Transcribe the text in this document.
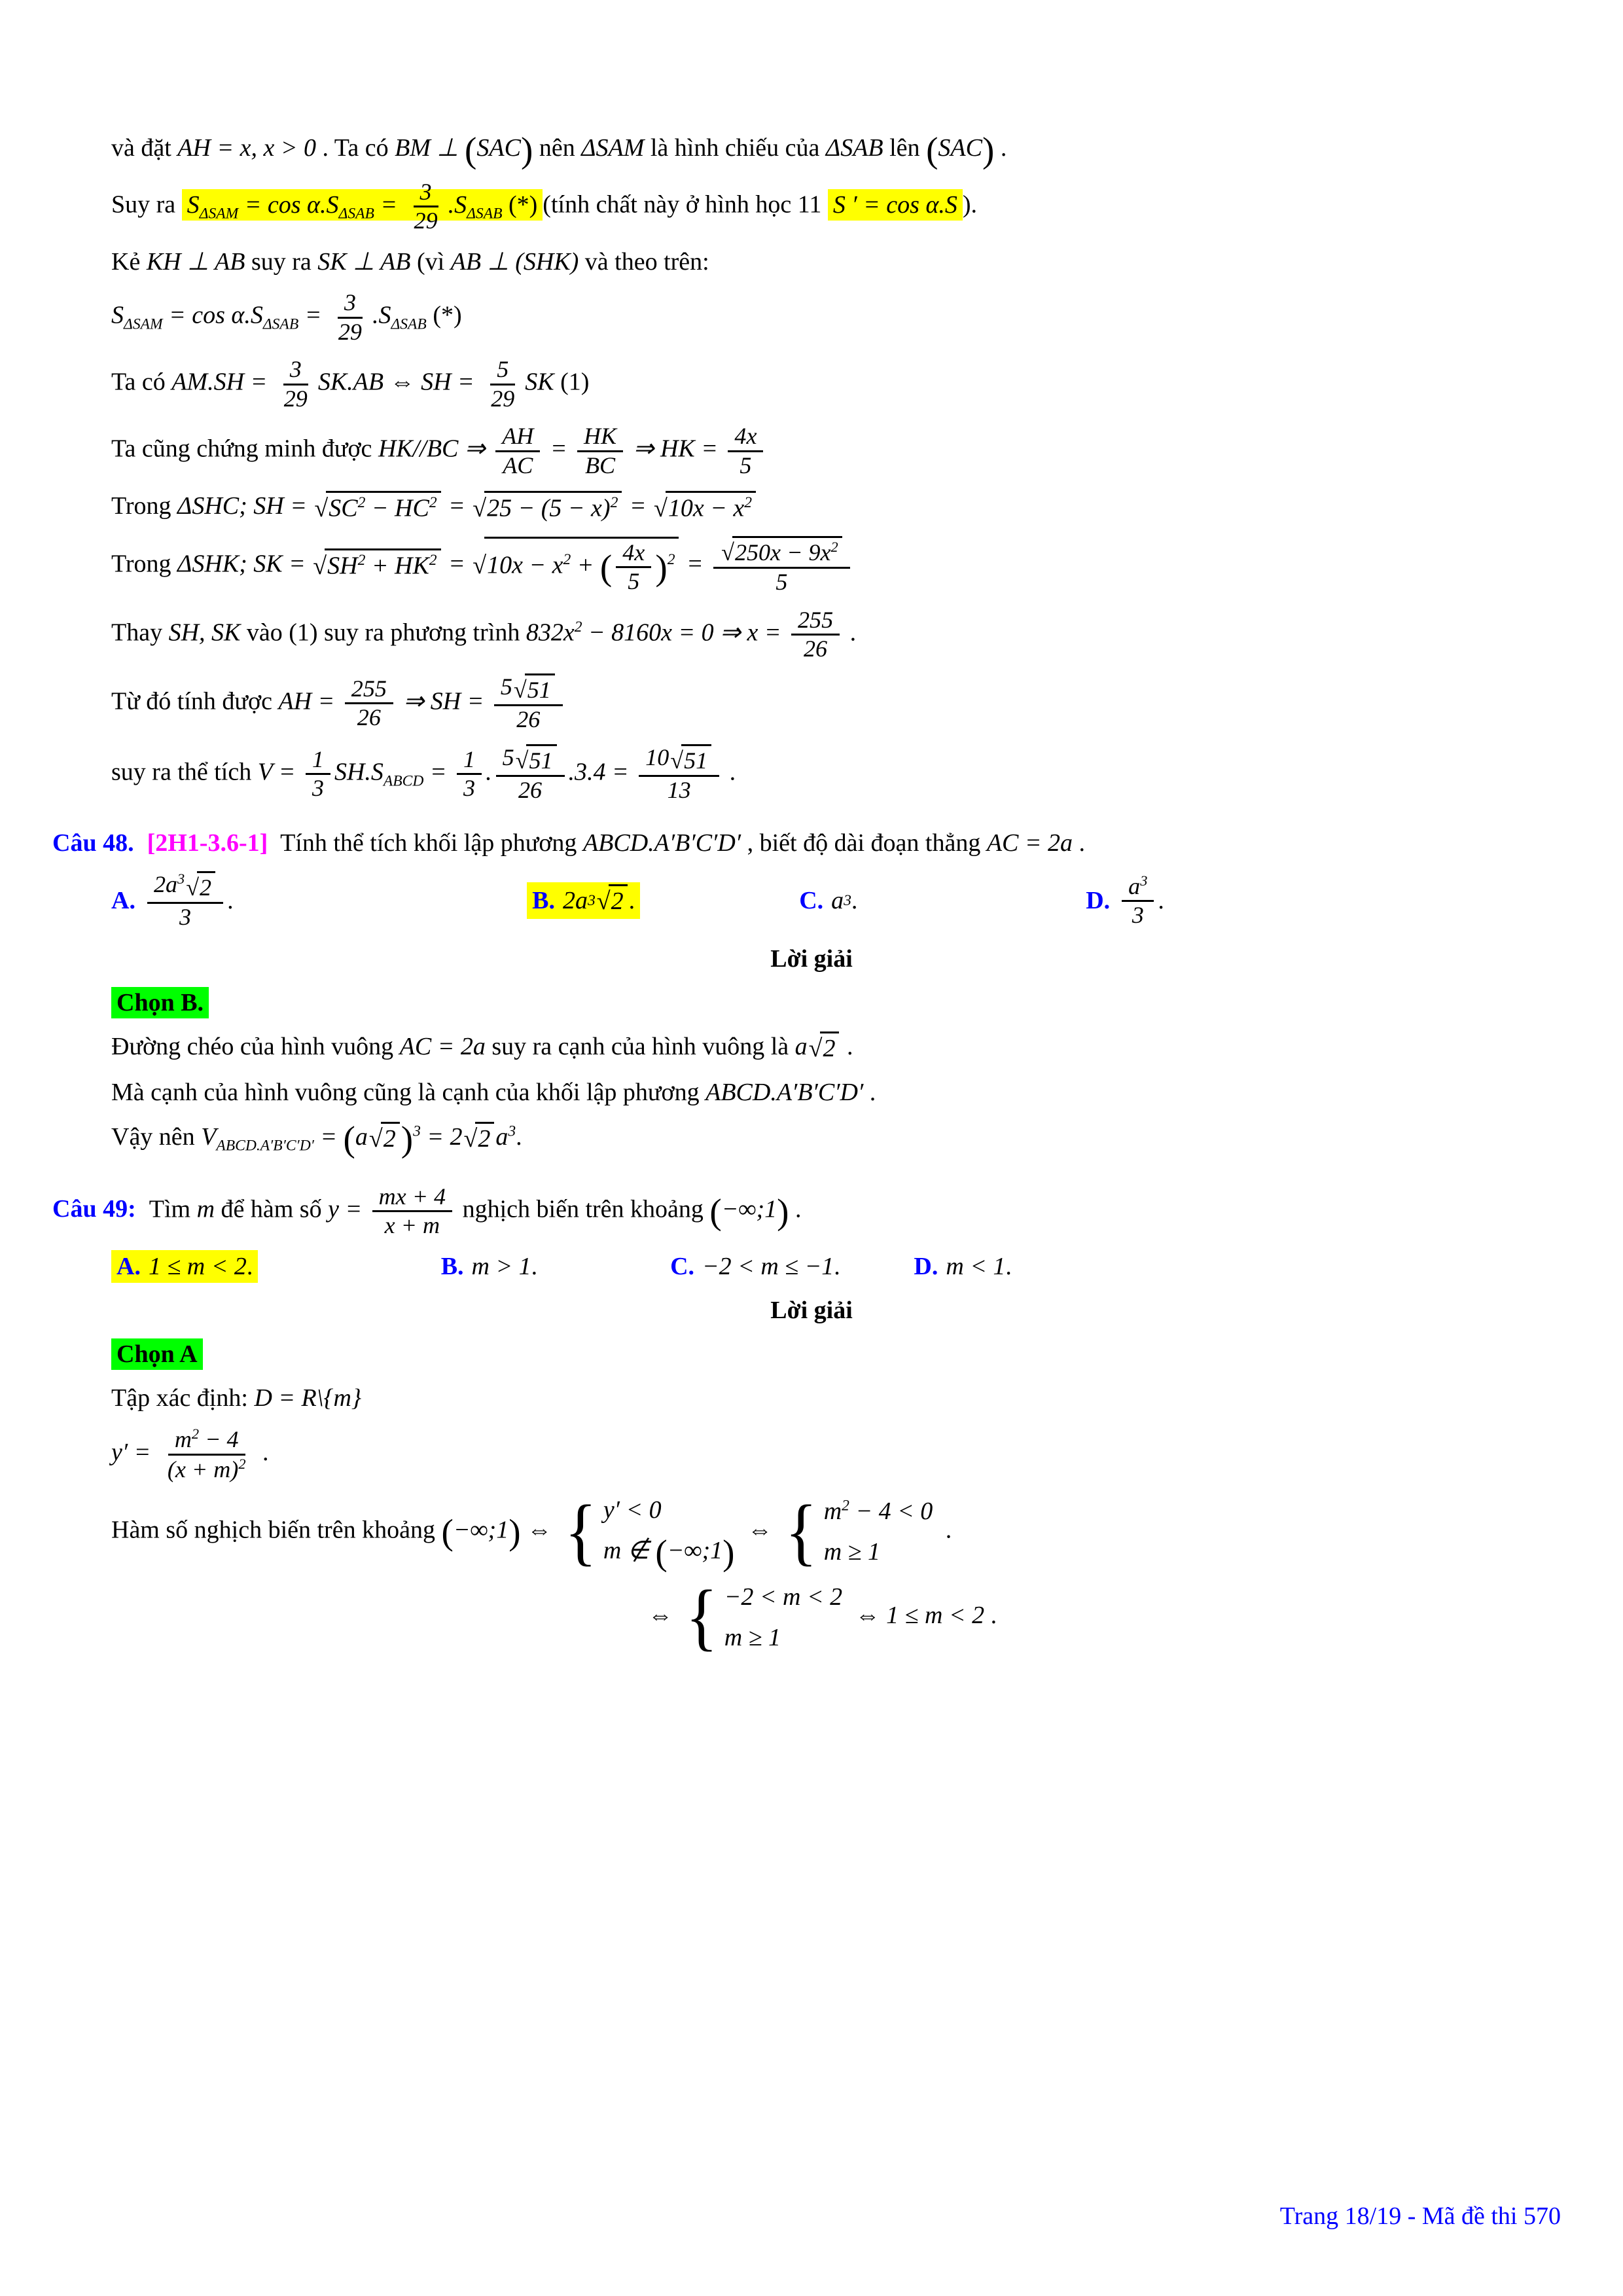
và đặt AH = x, x > 0 . Ta có BM ⊥ (SAC) nên ΔSAM là hình chiếu của ΔSAB lên (SAC) .
Suy ra $S_{\Delta SAM} = \cos \alpha.S_{\Delta SAB} = \frac{3}{29} .S_{\Delta SAB}$ (*) (tính chất này ở hình học 11 S ′ = cos α.S ).
Kẻ KH ⊥ AB suy ra SK ⊥ AB (vì AB ⊥ (SHK) và theo trên:
$S_{\Delta SAM} = \cos \alpha.S_{\Delta SAB} = \frac{3}{29} .S_{\Delta SAB}$ (*)
Ta có $AM.SH = \frac{3}{29} SK.AB$ ⇔ SH = $\frac{5}{29}$ SK (1)
Ta cũng chứng minh được HK//BC ⇒ $\frac{AH}{AC} = \frac{HK}{BC}$ ⇒ HK = $\frac{4x}{5}$
Trong ΔSHC; SH = $√SC^2 - HC^2 = √25 - (5 - x)^2 = √10x - x^2$
Trong ΔSHK; SK = $√SH^2 + HK^2 = √10x - x^2$ + ( $\frac{4x}{5} )^2 = \frac{√250x - 9x^2}{5}$
Thay SH, SK vào (1) suy ra phương trình $832x^2 - 8160x = 0$ ⇒ $x = \frac{255}{26}$ .
Từ đó tính được AH = $\frac{255}{26}$ ⇒ SH = $\frac{5√51}{26}$
suy ra thể tích $V = \frac{1}{3} SH.S_{ABCD} = \frac{1}{3}$ . $\frac{5√51}{26} .3.4 = \frac{10√51}{13}$ .
Câu 48. [2H1-3.6-1] Tính thể tích khối lập phương ABCD.A′B′C′D′ , biết độ dài đoạn thẳng AC = 2a .
A. $\frac{2a^3√2}{3}$ .	B. 2a 3 √2 .	C. a 3 .	D. $\frac{a^3}{3}$ .
Lời giải
Chọn B.
Đường chéo của hình vuông AC = 2a suy ra cạnh của hình vuông là a√2 .
Mà cạnh của hình vuông cũng là cạnh của khối lập phương ABCD.A′B′C′D′ .
Vậy nên $V_{ABCD.A'B'C'D'} = (a√2$ )$^3$ = 2√2 $a^3$.
Câu 49: Tìm m để hàm số $y = \frac{mx + 4}{x + m}$ nghịch biến trên khoảng (−∞;1) .
A. 1 ≤ m < 2 .	B. m > 1 .	C. −2 < m ≤ −1 .	D. m < 1 .
Lời giải
Chọn A
Tập xác định: D = R\{m}
$y' = \frac{m^2 - 4}{(x + m)^2}$ .
Hàm số nghịch biến trên khoảng (−∞;1) ⇔ { y′ < 0
m ∉ (−∞;1)
⇔ { $m^2 - 4 < 0$
m ≥ 1
.
⇔ { −2 < m < 2
m ≥ 1
⇔ 1 ≤ m < 2 .
Trang 18/19 - Mã đề thi 570
